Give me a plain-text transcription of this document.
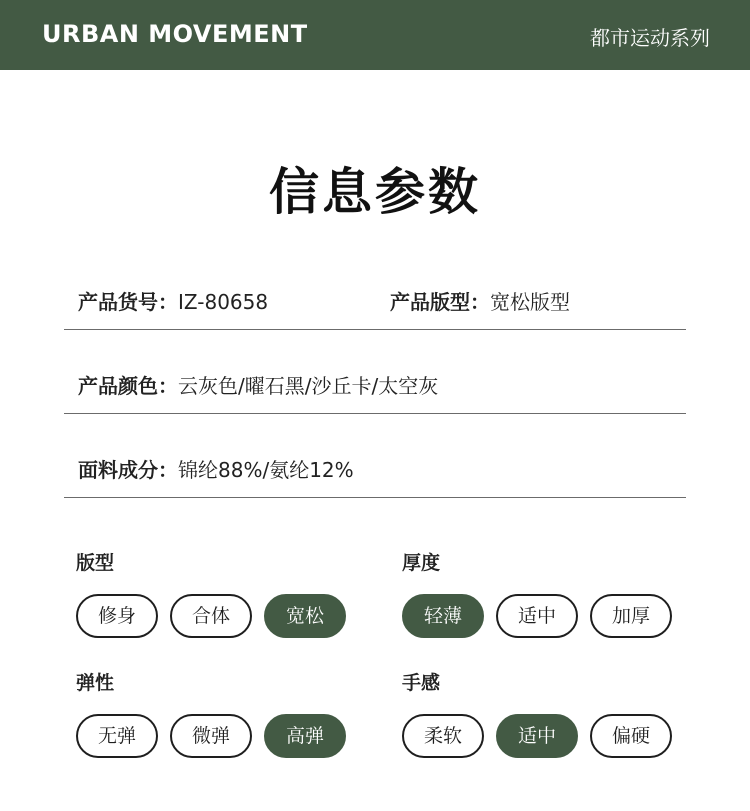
URBAN MOVEMENT	都市运动系列
信息参数
产品货号：IZ-80658	产品版型：宽松版型
产品颜色：云灰色/曜石黑/沙丘卡/太空灰
面料成分：锦纶88%/氨纶12%
版型
修身	合体	宽松
厚度
轻薄	适中	加厚
弹性
无弹	微弹	高弹
手感
柔软	适中	偏硬
